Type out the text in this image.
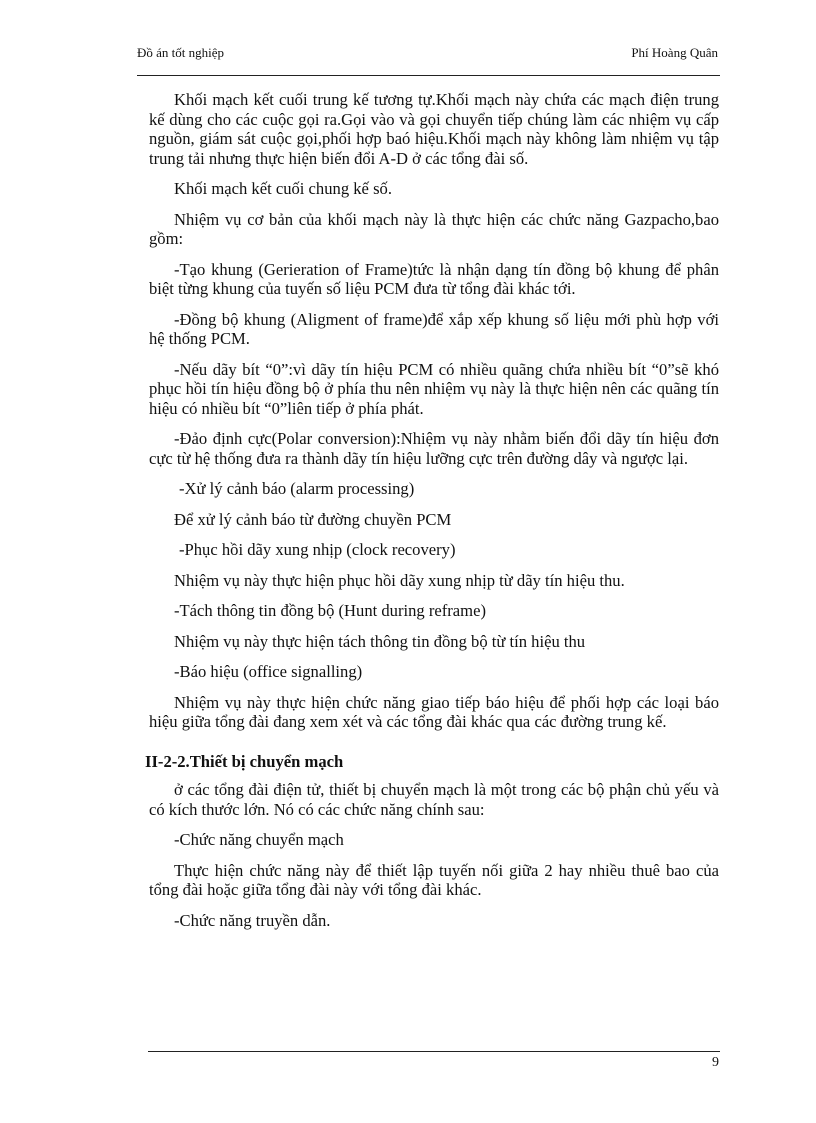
Đồ án tốt nghiệp	Phí Hoàng Quân

Khối mạch kết cuối trung kế tương tự.Khối mạch này chứa các mạch điện trung kế dùng cho các cuộc gọi ra.Gọi vào và gọi chuyển tiếp chúng làm các nhiệm vụ cấp nguồn, giám sát cuộc gọi,phối hợp baó hiệu.Khối mạch này không làm nhiệm vụ tập trung tải nhưng thực hiện biến đổi A-D ở các tổng đài số.

Khối mạch kết cuối chung kế số.

Nhiệm vụ cơ bản của khối mạch này là thực hiện các chức năng Gazpacho,bao gồm:

-Tạo khung (Gerieration of Frame)tức là nhận dạng tín đồng bộ khung để phân biệt từng khung của tuyến số liệu PCM đưa từ tổng đài khác tới.

-Đồng bộ khung (Aligment of frame)để xắp xếp khung số liệu mới phù hợp với hệ thống PCM.

-Nếu dãy bít “0”:vì dãy tín hiệu PCM có nhiều quãng chứa nhiều bít “0”sẽ khó phục hồi tín hiệu đồng bộ ở phía thu nên nhiệm vụ này là thực hiện nên các quãng tín hiệu có nhiều bít “0”liên tiếp ở phía phát.

-Đảo định cực(Polar conversion):Nhiệm vụ này nhằm biến đổi dãy tín hiệu đơn cực từ hệ thống đưa ra thành dãy tín hiệu lưỡng cực trên đường dây và ngược lại.

-Xử lý cảnh báo (alarm processing)

Để xử lý cảnh báo từ đường chuyền PCM

-Phục hồi dãy xung nhịp (clock recovery)

Nhiệm vụ này thực hiện phục hồi dãy xung nhịp từ dãy tín hiệu thu.

-Tách thông tin đồng bộ (Hunt during reframe)

Nhiệm vụ này thực hiện tách thông tin đồng bộ từ tín hiệu thu

-Báo hiệu (office signalling)

Nhiệm vụ này thực hiện chức năng giao tiếp báo hiệu để phối hợp các loại báo hiệu giữa tổng đài đang xem xét và các tổng đài khác qua các đường trung kế.

II-2-2.Thiết bị chuyển mạch

ở các tổng đài điện tử, thiết bị chuyển mạch là một trong các bộ phận chủ yếu và có kích thước lớn. Nó có các chức năng chính sau:

-Chức năng chuyển mạch

Thực hiện chức năng này để thiết lập tuyến nối giữa 2 hay nhiều thuê bao của tổng đài hoặc giữa tổng đài này với tổng đài khác.

-Chức năng truyền dẫn.

9
